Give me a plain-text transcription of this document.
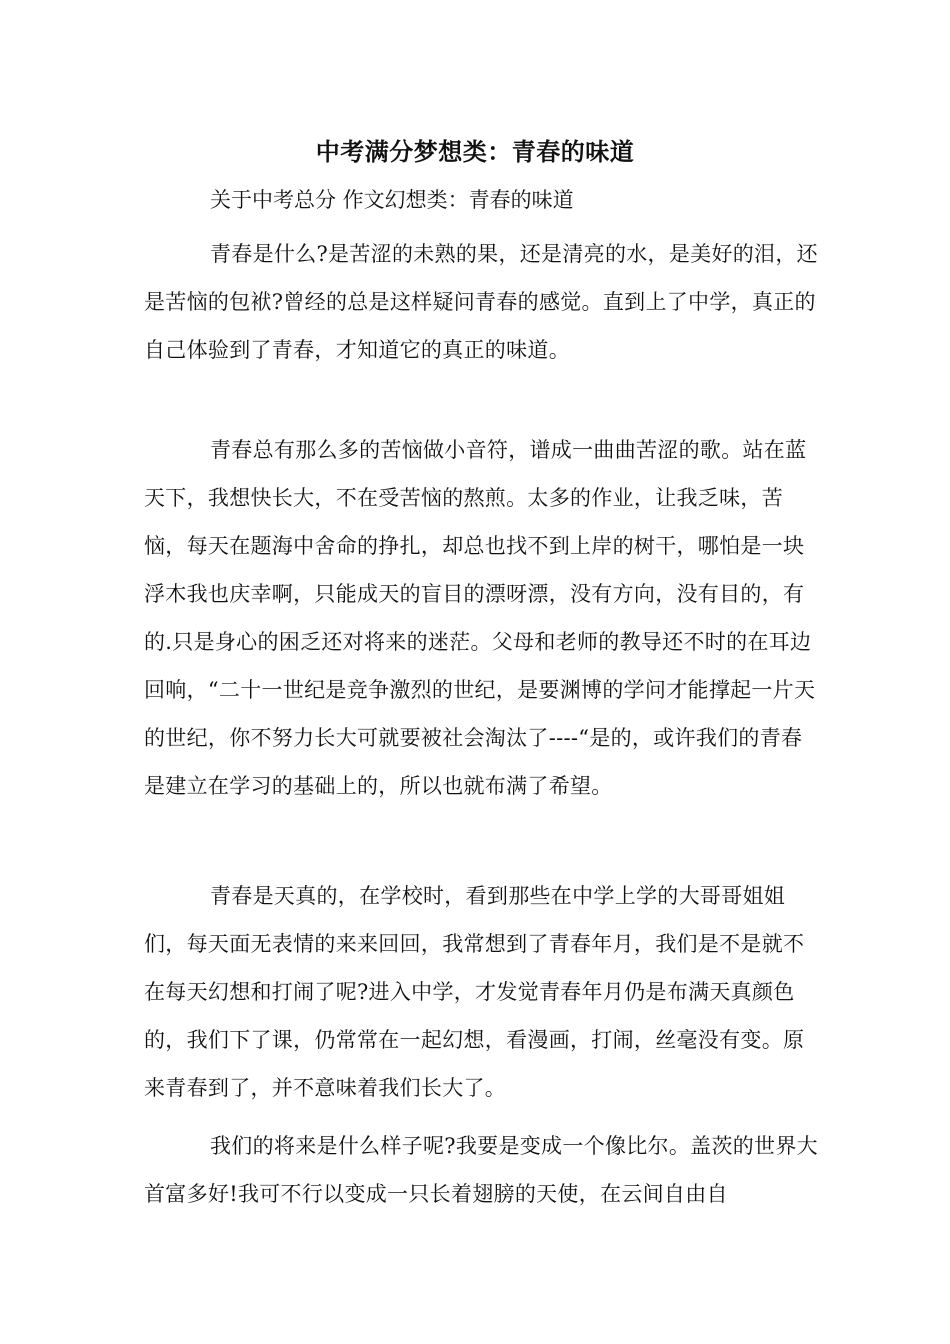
中考满分梦想类：青春的味道

关于中考总分 作文幻想类：青春的味道

青春是什么?是苦涩的未熟的果，还是清亮的水，是美好的泪，还是苦恼的包袱?曾经的总是这样疑问青春的感觉。直到上了中学，真正的自己体验到了青春，才知道它的真正的味道。

青春总有那么多的苦恼做小音符，谱成一曲曲苦涩的歌。站在蓝天下，我想快长大，不在受苦恼的熬煎。太多的作业，让我乏味，苦恼，每天在题海中舍命的挣扎，却总也找不到上岸的树干，哪怕是一块浮木我也庆幸啊，只能成天的盲目的漂呀漂，没有方向，没有目的，有的.只是身心的困乏还对将来的迷茫。父母和老师的教导还不时的在耳边回响，“二十一世纪是竞争激烈的世纪，是要渊博的学问才能撑起一片天的世纪，你不努力长大可就要被社会淘汰了----“是的，或许我们的青春是建立在学习的基础上的，所以也就布满了希望。

青春是天真的，在学校时，看到那些在中学上学的大哥哥姐姐们，每天面无表情的来来回回，我常想到了青春年月，我们是不是就不在每天幻想和打闹了呢?进入中学，才发觉青春年月仍是布满天真颜色的，我们下了课，仍常常在一起幻想，看漫画，打闹，丝毫没有变。原来青春到了，并不意味着我们长大了。

我们的将来是什么样子呢?我要是变成一个像比尔。盖茨的世界大首富多好!我可不行以变成一只长着翅膀的天使，在云间自由自
